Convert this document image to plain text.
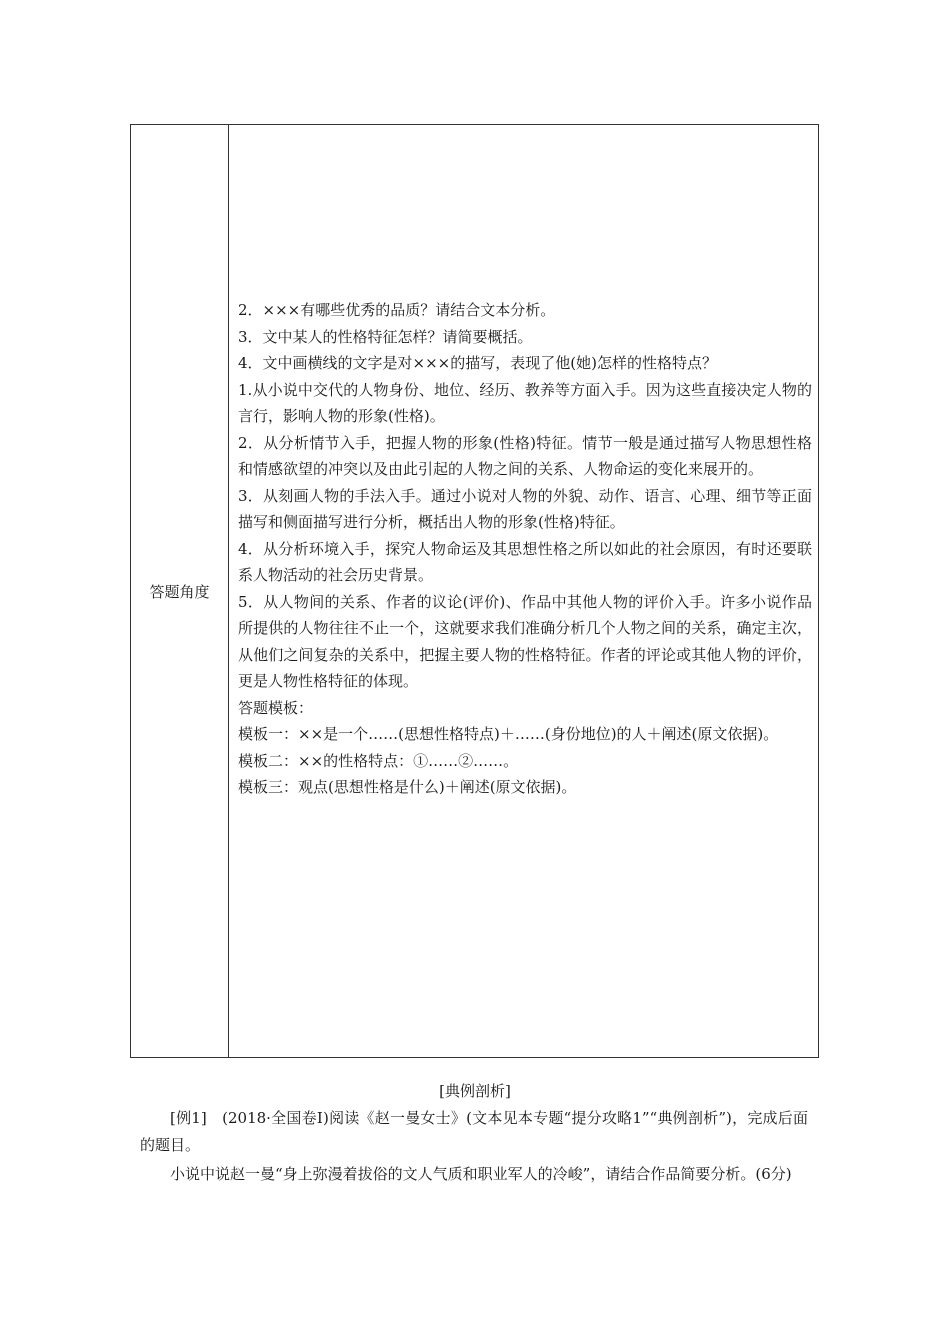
答题角度

2．×××有哪些优秀的品质？请结合文本分析。

3．文中某人的性格特征怎样？请简要概括。

4．文中画横线的文字是对×××的描写，表现了他(她)怎样的性格特点？

1.从小说中交代的人物身份、地位、经历、教养等方面入手。因为这些直接决定人物的言行，影响人物的形象(性格)。

2．从分析情节入手，把握人物的形象(性格)特征。情节一般是通过描写人物思想性格和情感欲望的冲突以及由此引起的人物之间的关系、人物命运的变化来展开的。

3．从刻画人物的手法入手。通过小说对人物的外貌、动作、语言、心理、细节等正面描写和侧面描写进行分析，概括出人物的形象(性格)特征。

4．从分析环境入手，探究人物命运及其思想性格之所以如此的社会原因，有时还要联系人物活动的社会历史背景。

5．从人物间的关系、作者的议论(评价)、作品中其他人物的评价入手。许多小说作品所提供的人物往往不止一个，这就要求我们准确分析几个人物之间的关系，确定主次，从他们之间复杂的关系中，把握主要人物的性格特征。作者的评论或其他人物的评价，更是人物性格特征的体现。

答题模板：

模板一：××是一个……(思想性格特点)＋……(身份地位)的人＋阐述(原文依据)。

模板二：××的性格特点：①……②……。

模板三：观点(思想性格是什么)＋阐述(原文依据)。

[典例剖析]

[例1]　(2018·全国卷Ⅰ)阅读《赵一曼女士》(文本见本专题“提分攻略1”“典例剖析”)，完成后面的题目。

小说中说赵一曼“身上弥漫着拔俗的文人气质和职业军人的冷峻”，请结合作品简要分析。(6分)
